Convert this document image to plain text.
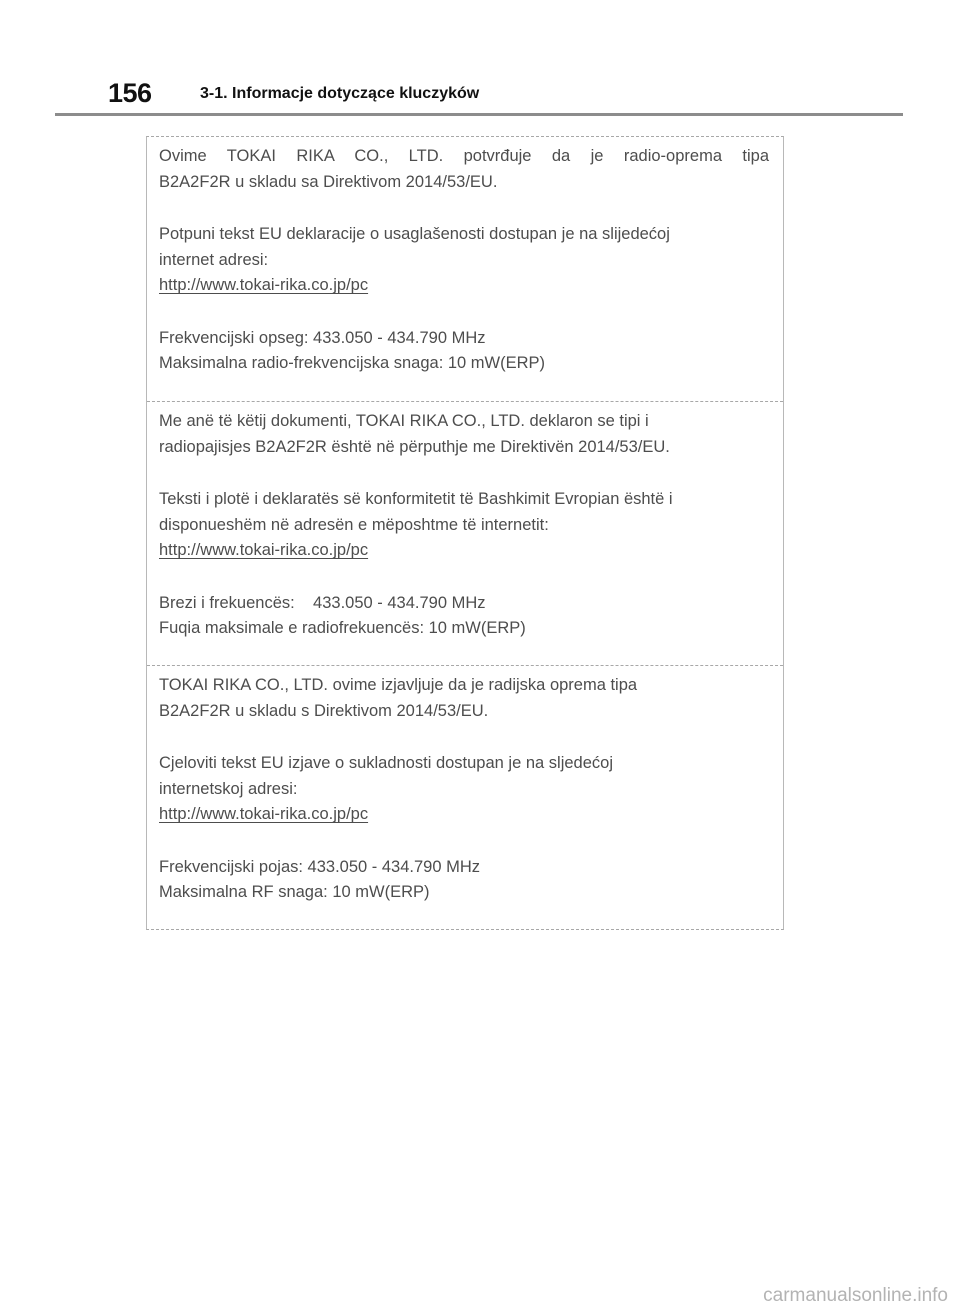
156	3-1. Informacje dotyczące kluczyków

Ovime TOKAI RIKA CO., LTD. potvrđuje da je radio-oprema tipa

B2A2F2R u skladu sa Direktivom 2014/53/EU.

Potpuni tekst EU deklaracije o usaglašenosti dostupan je na slijedećoj

internet adresi:

http://www.tokai-rika.co.jp/pc

Frekvencijski opseg: 433.050 - 434.790 MHz

Maksimalna radio-frekvencijska snaga: 10 mW(ERP)

Me anë të këtij dokumenti, TOKAI RIKA CO., LTD. deklaron se tipi i

radiopajisjes B2A2F2R është në përputhje me Direktivën 2014/53/EU.

Teksti i plotë i deklaratës së konformitetit të Bashkimit Evropian është i

disponueshëm në adresën e mëposhtme të internetit:

http://www.tokai-rika.co.jp/pc

Brezi i frekuencës:    433.050 - 434.790 MHz

Fuqia maksimale e radiofrekuencës: 10 mW(ERP)

TOKAI RIKA CO., LTD. ovime izjavljuje da je radijska oprema tipa

B2A2F2R u skladu s Direktivom 2014/53/EU.

Cjeloviti tekst EU izjave o sukladnosti dostupan je na sljedećoj

internetskoj adresi:

http://www.tokai-rika.co.jp/pc

Frekvencijski pojas: 433.050 - 434.790 MHz

Maksimalna RF snaga: 10 mW(ERP)

carmanualsonline.info
